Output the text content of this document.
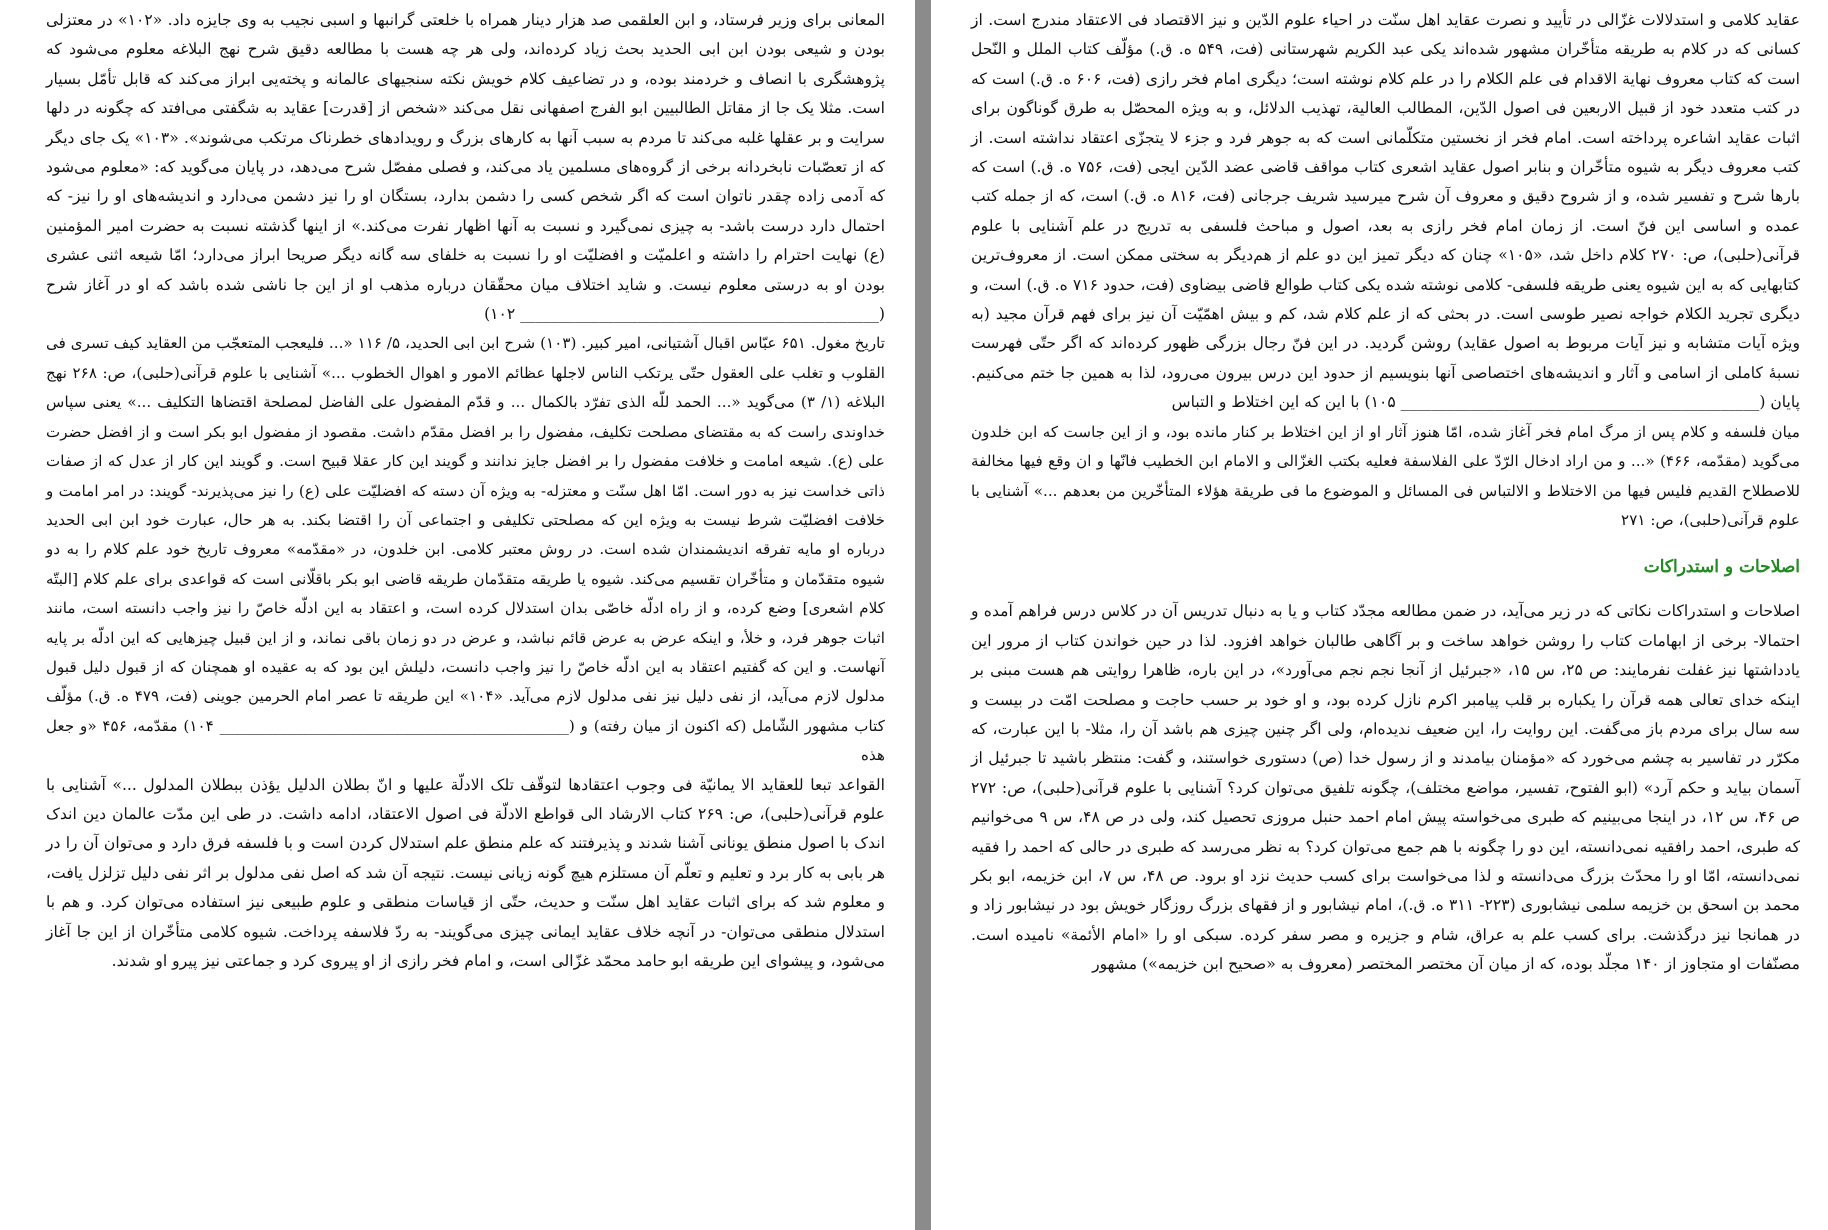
المعانی برای وزیر فرستاد، و ابن العلقمی صد هزار دینار همراه با خلعتی گرانبها و اسبی نجیب به وی جایزه داد. «۱۰۲» در معتزلی بودن و شیعی بودن ابن ابی الحدید بحث زیاد کرده‌اند، ولی هر چه هست با مطالعه دقیق شرح نهج البلاغه معلوم می‌شود که پژوهشگری با انصاف و خردمند بوده، و در تضاعیف کلام خویش نکته سنجیهای عالمانه و پخته‌یی ابراز می‌کند که قابل تأمّل بسیار است. مثلا یک جا از مقاتل الطالبیین ابو الفرج اصفهانی نقل می‌کند «شخص از [قدرت] عقاید به شگفتی می‌افتد که چگونه در دلها سرایت و بر عقلها غلبه می‌کند تا مردم به سبب آنها به کارهای بزرگ و رویدادهای خطرناک مرتکب می‌شوند». «۱۰۳» یک جای دیگر که از تعصّبات نابخردانه برخی از گروه‌های مسلمین یاد می‌کند، و فصلی مفصّل شرح می‌دهد، در پایان می‌گوید که: «معلوم می‌شود که آدمی زاده چقدر ناتوان است که اگر شخص کسی را دشمن بدارد، بستگان او را نیز دشمن می‌دارد و اندیشه‌های او را نیز- که احتمال دارد درست باشد- به چیزی نمی‌گیرد و نسبت به آنها اظهار نفرت می‌کند.» از اینها گذشته نسبت به حضرت امیر المؤمنین (ع) نهایت احترام را داشته و اعلمیّت و افضلیّت او را نسبت به خلفای سه گانه دیگر صریحا ابراز می‌دارد؛ امّا شیعه اثنی عشری بودن او به درستی معلوم نیست. و شاید اختلاف میان محقّقان درباره مذهب او از این جا ناشی شده باشد که او در آغاز شرح (______________________________________________ ۱۰۲)

تاریخ مغول. ۶۵۱ عبّاس اقبال آشتیانی، امیر کبیر. (۱۰۳) شرح ابن ابی الحدید، ۵/ ۱۱۶ «... فلیعجب المتعجّب من العقاید کیف تسری فی القلوب و تغلب علی العقول حتّی یرتکب الناس لاجلها عظائم الامور و اهوال الخطوب ...» آشنایی با علوم قرآنی(حلبی)، ص: ۲۶۸ نهج البلاغه (۱/ ۳) می‌گوید «... الحمد للّه الذی تفرّد بالکمال ... و قدّم المفضول علی الفاضل لمصلحة اقتضاها التکلیف ...» یعنی سپاس خداوندی راست که به مقتضای مصلحت تکلیف، مفضول را بر افضل مقدّم داشت. مقصود از مفضول ابو بکر است و از افضل حضرت علی (ع). شیعه امامت و خلافت مفضول را بر افضل جایز ندانند و گویند این کار عقلا قبیح است. و گویند این کار از عدل که از صفات ذاتی خداست نیز به دور است. امّا اهل سنّت و معتزله- به ویژه آن دسته که افضلیّت علی (ع) را نیز می‌پذیرند- گویند: در امر امامت و خلافت افضلیّت شرط نیست به ویژه این که مصلحتی تکلیفی و اجتماعی آن را اقتضا بکند. به هر حال، عبارت خود ابن ابی الحدید درباره او مایه تفرقه اندیشمندان شده است. در روش معتبر کلامی. ابن خلدون، در «مقدّمه» معروف تاریخ خود علم کلام را به دو شیوه متقدّمان و متأخّران تقسیم می‌کند. شیوه یا طریقه متقدّمان طریقه قاضی ابو بکر باقلّانی است که قواعدی برای علم کلام [البتّه کلام اشعری] وضع کرده، و از راه ادلّه خاصّی بدان استدلال کرده است، و اعتقاد به این ادلّه خاصّ را نیز واجب دانسته است، مانند اثبات جوهر فرد، و خلأ، و اینکه عرض به عرض قائم نباشد، و عرض در دو زمان باقی نماند، و از این قبیل چیزهایی که این ادلّه بر پایه آنهاست. و این که گفتیم اعتقاد به این ادلّه خاصّ را نیز واجب دانست، دلیلش این بود که به عقیده او همچنان که از قبول دلیل قبول مدلول لازم می‌آید، از نفی دلیل نیز نفی مدلول لازم می‌آید. «۱۰۴» این طریقه تا عصر امام الحرمین جوینی (فت، ۴۷۹ ه. ق.) مؤلّف کتاب مشهور الشّامل (که اکنون از میان رفته) و (______________________________________________ ۱۰۴) مقدّمه، ۴۵۶ «و جعل هذه

القواعد تبعا للعقاید الا یمانیّة فی وجوب اعتقادها لتوقّف تلک الادلّة علیها و انّ بطلان الدلیل یؤذن ببطلان المدلول ...» آشنایی با علوم قرآنی(حلبی)، ص: ۲۶۹ کتاب الارشاد الی قواطع الادلّة فی اصول الاعتقاد، ادامه داشت. در طی این مدّت عالمان دین اندک اندک با اصول منطق یونانی آشنا شدند و پذیرفتند که علم منطق علم استدلال کردن است و با فلسفه فرق دارد و می‌توان آن را در هر بابی به کار برد و تعلیم و تعلّم آن مستلزم هیچ گونه زیانی نیست. نتیجه آن شد که اصل نفی مدلول بر اثر نفی دلیل تزلزل یافت، و معلوم شد که برای اثبات عقاید اهل سنّت و حدیث، حتّی از قیاسات منطقی و علوم طبیعی نیز استفاده می‌توان کرد. و هم با استدلال منطقی می‌توان- در آنچه خلاف عقاید ایمانی چیزی می‌گویند- به ردّ فلاسفه پرداخت. شیوه کلامی متأخّران از این جا آغاز می‌شود، و پیشوای این طریقه ابو حامد محمّد غزّالی است، و امام فخر رازی از او پیروی کرد و جماعتی نیز پیرو او شدند.

عقاید کلامی و استدلالات غزّالی در تأیید و نصرت عقاید اهل سنّت در احیاء علوم الدّین و نیز الاقتصاد فی الاعتقاد مندرج است. از کسانی که در کلام به طریقه متأخّران مشهور شده‌اند یکی عبد الکریم شهرستانی (فت، ۵۴۹ ه. ق.) مؤلّف کتاب الملل و النّحل است که کتاب معروف نهایة الاقدام فی علم الکلام را در علم کلام نوشته است؛ دیگری امام فخر رازی (فت، ۶۰۶ ه. ق.) است که در کتب متعدد خود از قبیل الاربعین فی اصول الدّین، المطالب العالیة، تهذیب الدلائل، و به ویژه المحصّل به طرق گوناگون برای اثبات عقاید اشاعره پرداخته است. امام فخر از نخستین متکلّمانی است که به جوهر فرد و جزء لا یتجزّی اعتقاد نداشته است. از کتب معروف دیگر به شیوه متأخّران و بنابر اصول عقاید اشعری کتاب مواقف قاضی عضد الدّین ایجی (فت، ۷۵۶ ه. ق.) است که بارها شرح و تفسیر شده، و از شروح دقیق و معروف آن شرح میرسید شریف جرجانی (فت، ۸۱۶ ه. ق.) است، که از جمله کتب عمده و اساسی این فنّ است. از زمان امام فخر رازی به بعد، اصول و مباحث فلسفی به تدریج در علم آشنایی با علوم قرآنی(حلبی)، ص: ۲۷۰ کلام داخل شد، «۱۰۵» چنان که دیگر تمیز این دو علم از هم‌دیگر به سختی ممکن است. از معروف‌ترین کتابهایی که به این شیوه یعنی طریقه فلسفی- کلامی نوشته شده یکی کتاب طوالع قاضی بیضاوی (فت، حدود ۷۱۶ ه. ق.) است، و دیگری تجرید الکلام خواجه نصیر طوسی است. در بحثی که از علم کلام شد، کم و بیش اهمّیّت آن نیز برای فهم قرآن مجید (به ویژه آیات متشابه و نیز آیات مربوط به اصول عقاید) روشن گردید. در این فنّ رجال بزرگی ظهور کرده‌اند که اگر حتّی فهرست نسبهٔ کاملی از اسامی و آثار و اندیشه‌های اختصاصی آنها بنویسیم از حدود این درس بیرون می‌رود، لذا به همین جا ختم می‌کنیم. پایان (______________________________________________ ۱۰۵) با این که این اختلاط و التباس

میان فلسفه و کلام پس از مرگ امام فخر آغاز شده، امّا هنوز آثار او از این اختلاط بر کنار مانده بود، و از این جاست که ابن خلدون می‌گوید (مقدّمه، ۴۶۶) «... و من اراد ادخال الرّدّ علی الفلاسفة فعلیه بکتب الغزّالی و الامام ابن الخطیب فانّها و ان وقع فیها مخالفة للاصطلاح القدیم فلیس فیها من الاختلاط و الالتباس فی المسائل و الموضوع ما فی طریقة هؤلاء المتأخّرین من بعدهم ...» آشنایی با علوم قرآنی(حلبی)، ص: ۲۷۱

اصلاحات و استدراکات

اصلاحات و استدراکات نکاتی که در زیر می‌آید، در ضمن مطالعه مجدّد کتاب و یا به دنبال تدریس آن در کلاس درس فراهم آمده و احتمالا- برخی از ابهامات کتاب را روشن خواهد ساخت و بر آگاهی طالبان خواهد افزود. لذا در حین خواندن کتاب از مرور این یادداشتها نیز غفلت نفرمایند: ص ۲۵، س ۱۵، «جبرئیل از آنجا نجم نجم می‌آورد»، در این باره، ظاهرا روایتی هم هست مبنی بر اینکه خدای تعالی همه قرآن را یکباره بر قلب پیامبر اکرم نازل کرده بود، و او خود بر حسب حاجت و مصلحت امّت در بیست و سه سال برای مردم باز می‌گفت. این روایت را، این ضعیف ندیده‌ام، ولی اگر چنین چیزی هم باشد آن را، مثلا- با این عبارت، که مکرّر در تفاسیر به چشم می‌خورد که «مؤمنان بیامدند و از رسول خدا (ص) دستوری خواستند، و گفت: منتظر باشید تا جبرئیل از آسمان بیاید و حکم آرد» (ابو الفتوح، تفسیر، مواضع مختلف)، چگونه تلفیق می‌توان کرد؟ آشنایی با علوم قرآنی(حلبی)، ص: ۲۷۲ ص ۴۶، س ۱۲، در اینجا می‌بینیم که طبری می‌خواسته پیش امام احمد حنبل مروزی تحصیل کند، ولی در ص ۴۸، س ۹ می‌خوانیم که طبری، احمد رافقیه نمی‌دانسته، این دو را چگونه با هم جمع می‌توان کرد؟ به نظر می‌رسد که طبری در حالی که احمد را فقیه نمی‌دانسته، امّا او را محدّث بزرگ می‌دانسته و لذا می‌خواست برای کسب حدیث نزد او برود. ص ۴۸، س ۷، ابن خزیمه، ابو بکر محمد بن اسحق بن خزیمه سلمی نیشابوری (۲۲۳- ۳۱۱ ه. ق.)، امام نیشابور و از فقهای بزرگ روزگار خویش بود در نیشابور زاد و در همانجا نیز درگذشت. برای کسب علم به عراق، شام و جزیره و مصر سفر کرده. سبکی او را «امام الأئمة» نامیده است. مصنّفات او متجاوز از ۱۴۰ مجلّد بوده، که از میان آن مختصر المختصر (معروف به «صحیح ابن خزیمه») مشهور
